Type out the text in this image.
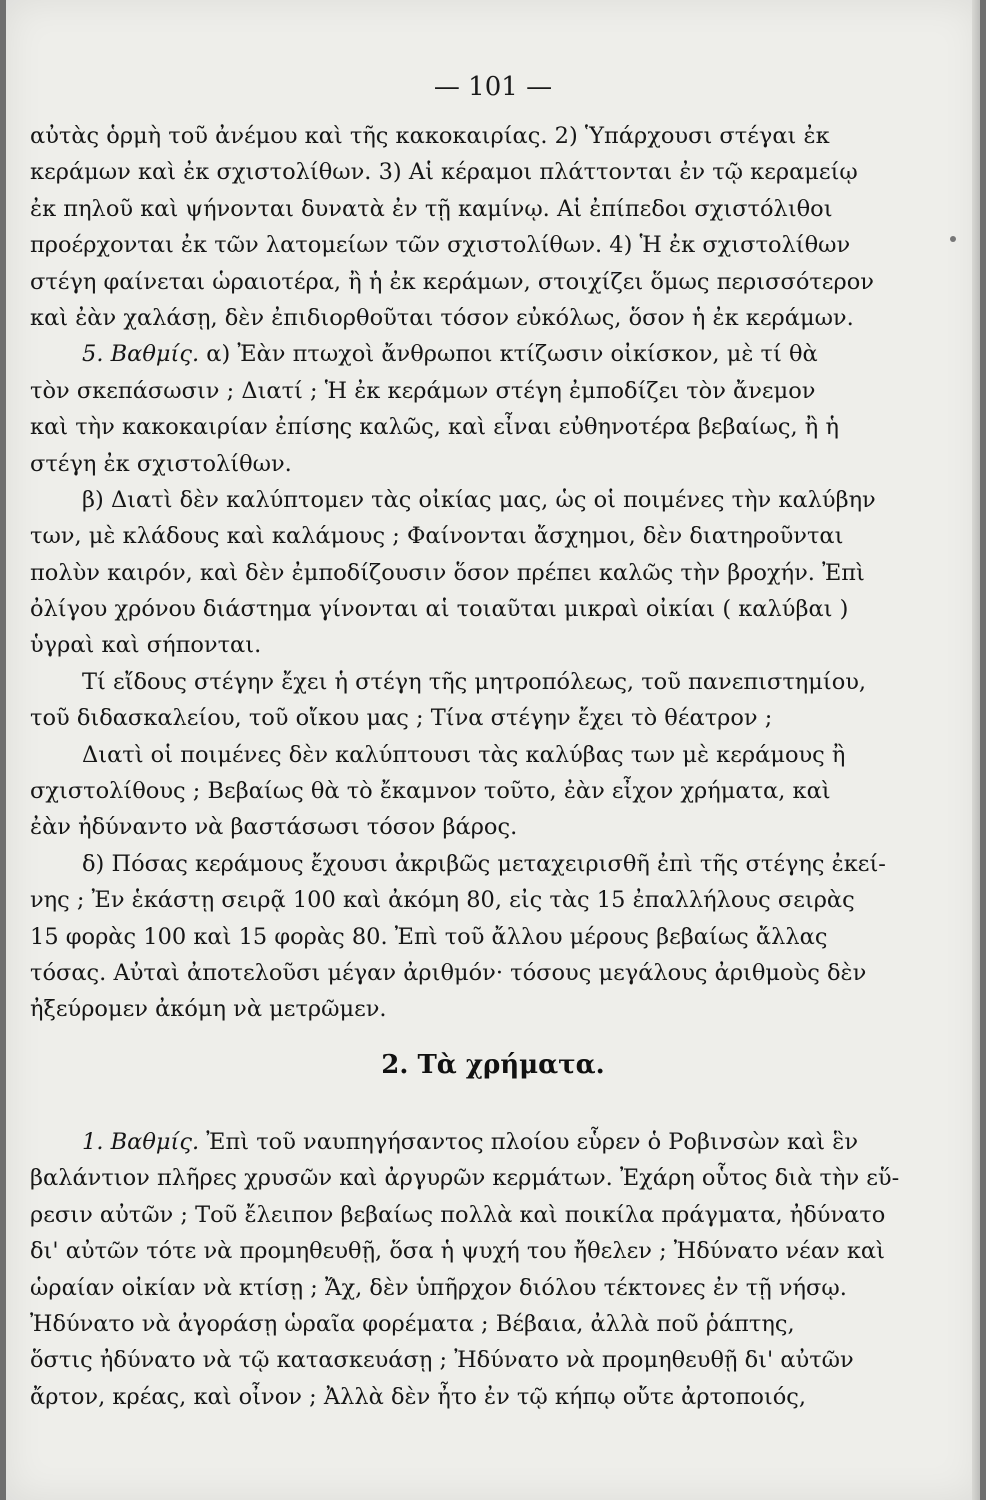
— 101 —
αὐτὰς ὁρμὴ τοῦ ἀνέμου καὶ τῆς κακοκαιρίας. 2) Ὑπάρχουσι στέγαι ἐκ
κεράμων καὶ ἐκ σχιστολίθων. 3) Αἱ κέραμοι πλάττονται ἐν τῷ κεραμείῳ
ἐκ πηλοῦ καὶ ψήνονται δυνατὰ ἐν τῇ καμίνῳ. Αἱ ἐπίπεδοι σχιστόλιθοι
προέρχονται ἐκ τῶν λατομείων τῶν σχιστολίθων. 4) Ἡ ἐκ σχιστολίθων
στέγη φαίνεται ὡραιοτέρα, ἢ ἡ ἐκ κεράμων, στοιχίζει ὅμως περισσότερον
καὶ ἐὰν χαλάσῃ, δὲν ἐπιδιορθοῦται τόσον εὐκόλως, ὅσον ἡ ἐκ κεράμων.
5. Βαθμίς. α) Ἐὰν πτωχοὶ ἄνθρωποι κτίζωσιν οἰκίσκον, μὲ τί θὰ
τὸν σκεπάσωσιν ; Διατί ; Ἡ ἐκ κεράμων στέγη ἐμποδίζει τὸν ἄνεμον
καὶ τὴν κακοκαιρίαν ἐπίσης καλῶς, καὶ εἶναι εὐθηνοτέρα βεβαίως, ἢ ἡ
στέγη ἐκ σχιστολίθων.
β) Διατὶ δὲν καλύπτομεν τὰς οἰκίας μας, ὡς οἱ ποιμένες τὴν καλύβην
των, μὲ κλάδους καὶ καλάμους ; Φαίνονται ἄσχημοι, δὲν διατηροῦνται
πολὺν καιρόν, καὶ δὲν ἐμποδίζουσιν ὅσον πρέπει καλῶς τὴν βροχήν. Ἐπὶ
ὀλίγου χρόνου διάστημα γίνονται αἱ τοιαῦται μικραὶ οἰκίαι ( καλύβαι )
ὑγραὶ καὶ σήπονται.
Τί εἴδους στέγην ἔχει ἡ στέγη τῆς μητροπόλεως, τοῦ πανεπιστημίου,
τοῦ διδασκαλείου, τοῦ οἴκου μας ; Τίνα στέγην ἔχει τὸ θέατρον ;
Διατὶ οἱ ποιμένες δὲν καλύπτουσι τὰς καλύβας των μὲ κεράμους ἢ
σχιστολίθους ; Βεβαίως θὰ τὸ ἔκαμνον τοῦτο, ἐὰν εἶχον χρήματα, καὶ
ἐὰν ἠδύναντο νὰ βαστάσωσι τόσον βάρος.
δ) Πόσας κεράμους ἔχουσι ἀκριβῶς μεταχειρισθῆ ἐπὶ τῆς στέγης ἐκεί-
νης ; Ἐν ἑκάστῃ σειρᾷ 100 καὶ ἀκόμη 80, εἰς τὰς 15 ἐπαλλήλους σειρὰς
15 φορὰς 100 καὶ 15 φορὰς 80. Ἐπὶ τοῦ ἄλλου μέρους βεβαίως ἄλλας
τόσας. Αὐταὶ ἀποτελοῦσι μέγαν ἀριθμόν· τόσους μεγάλους ἀριθμοὺς δὲν
ἠξεύρομεν ἀκόμη νὰ μετρῶμεν.
2. Τὰ χρήματα.
1. Βαθμίς. Ἐπὶ τοῦ ναυπηγήσαντος πλοίου εὗρεν ὁ Ροβινσὼν καὶ ἓν
βαλάντιον πλῆρες χρυσῶν καὶ ἀργυρῶν κερμάτων. Ἐχάρη οὗτος διὰ τὴν εὕ-
ρεσιν αὐτῶν ; Τοῦ ἔλειπον βεβαίως πολλὰ καὶ ποικίλα πράγματα, ἠδύνατο
δι' αὐτῶν τότε νὰ προμηθευθῇ, ὅσα ἡ ψυχή του ἤθελεν ; Ἠδύνατο νέαν καὶ
ὡραίαν οἰκίαν νὰ κτίσῃ ; Ἄχ, δὲν ὑπῆρχον διόλου τέκτονες ἐν τῇ νήσῳ.
Ἠδύνατο νὰ ἀγοράσῃ ὡραῖα φορέματα ; Βέβαια, ἀλλὰ ποῦ ῥάπτης,
ὅστις ἠδύνατο νὰ τῷ κατασκευάσῃ ; Ἠδύνατο νὰ προμηθευθῇ δι' αὐτῶν
ἄρτον, κρέας, καὶ οἶνον ; Ἀλλὰ δὲν ἦτο ἐν τῷ κήπῳ οὔτε ἀρτοποιός,
